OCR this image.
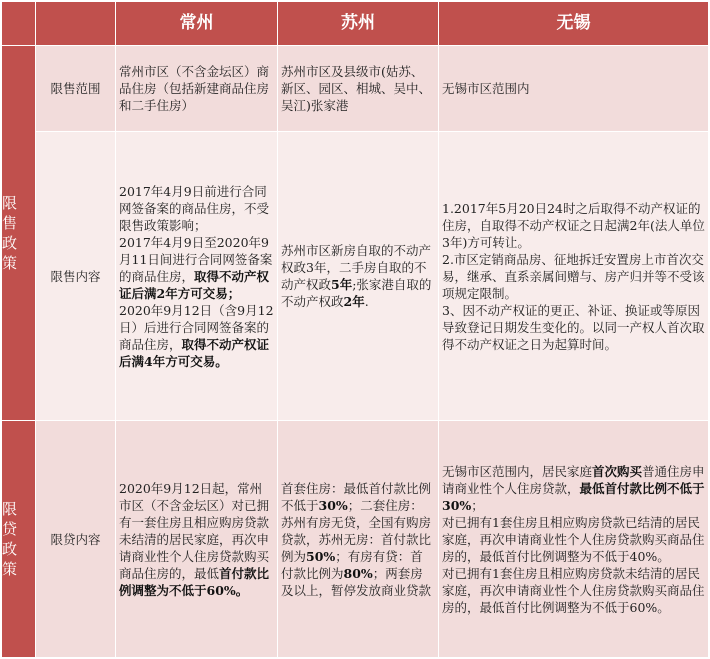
		常州	苏州	无锡
限售政策	限售范围	常州市区（不含金坛区）商品住房（包括新建商品住房和二手住房）	苏州市区及县级市(姑苏、新区、园区、相城、吴中、吴江)张家港	无锡市区范围内
	限售内容	2017年4月9日前进行合同网签备案的商品住房，不受限售政策影响；
2017年4月9日至2020年9月11日间进行合同网签备案的商品住房，取得不动产权证后满2年方可交易；
2020年9月12日（含9月12日）后进行合同网签备案的商品住房，取得不动产权证后满4年方可交易。	苏州市区新房自取的不动产权政3年，二手房自取的不动产权政5年;张家港自取的不动产权政2年.	1.2017年5月20日24时之后取得不动产权证的住房，自取得不动产权证之日起满2年(法人单位3年)方可转让。
2.市区定销商品房、征地拆迁安置房上市首次交易，继承、直系亲属间赠与、房产归并等不受该项规定限制。
3、因不动产权证的更正、补证、换证或等原因导致登记日期发生变化的。以同一产权人首次取得不动产权证之日为起算时间。

限贷政策	限贷内容	2020年9月12日起，常州市区（不含金坛区）对已拥有一套住房且相应购房贷款未结清的居民家庭，再次申请商业性个人住房贷款购买商品住房的，最低首付款比例调整为不低于60%。	首套住房：最低首付款比例不低于30%；二套住房：苏州有房无贷，全国有购房贷款，苏州无房：首付款比例为50%；有房有贷：首付款比例为80%；两套房及以上，暂停发放商业贷款	无锡市区范围内，居民家庭首次购买普通住房申请商业性个人住房贷款，最低首付款比例不低于30%；
对已拥有1套住房且相应购房贷款已结清的居民家庭，再次申请商业性个人住房贷款购买商品住房的，最低首付比例调整为不低于40%。
对已拥有1套住房且相应购房贷款未结清的居民家庭，再次申请商业性个人住房贷款购买商品住房的，最低首付比例调整为不低于60%。
